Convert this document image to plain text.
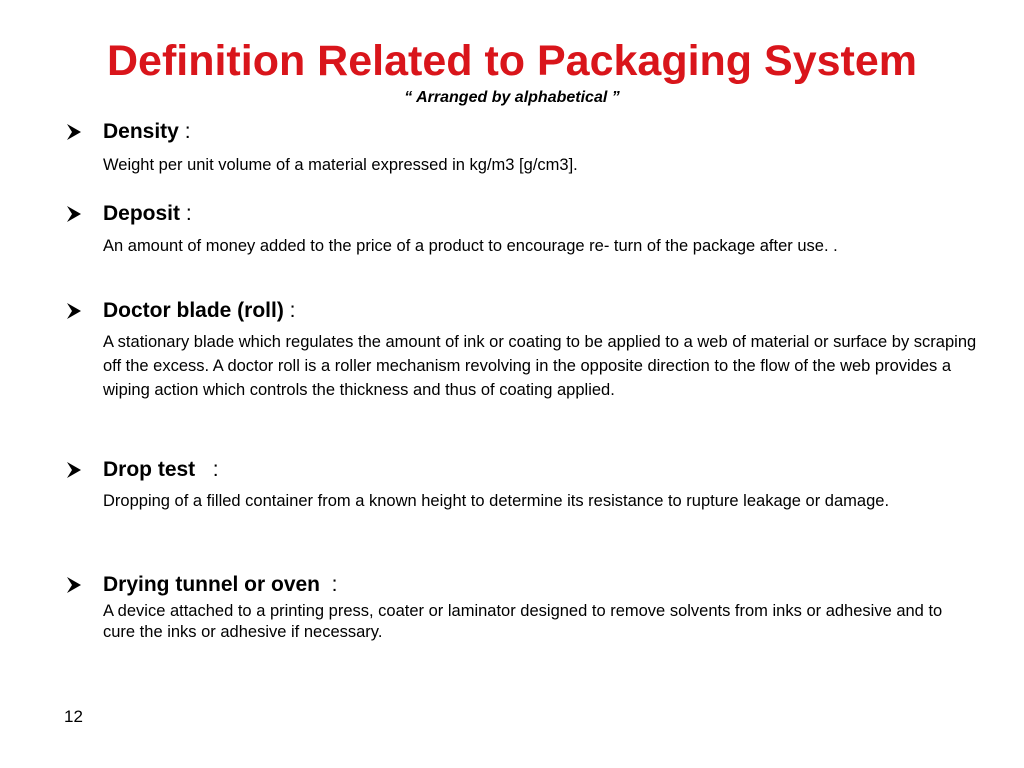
Definition Related to Packaging System

“ Arranged by alphabetical ”

Density :
Weight per unit volume of a material expressed in kg/m3 [g/cm3].
Deposit :
An amount of money added to the price of a product to encourage re- turn of the package after use. .
Doctor blade (roll) :
A stationary blade which regulates the amount of ink or coating to be applied to a web of material or surface by scraping off the excess. A doctor roll is a roller mechanism revolving in the opposite direction to the flow of the web provides a wiping action which controls the thickness and thus of coating applied.
Drop test   :
Dropping of a filled container from a known height to determine its resistance to rupture leakage or damage.
Drying tunnel or oven  :
A device attached to a printing press, coater or laminator designed to remove solvents from inks or adhesive and to cure the inks or adhesive if necessary.
12
